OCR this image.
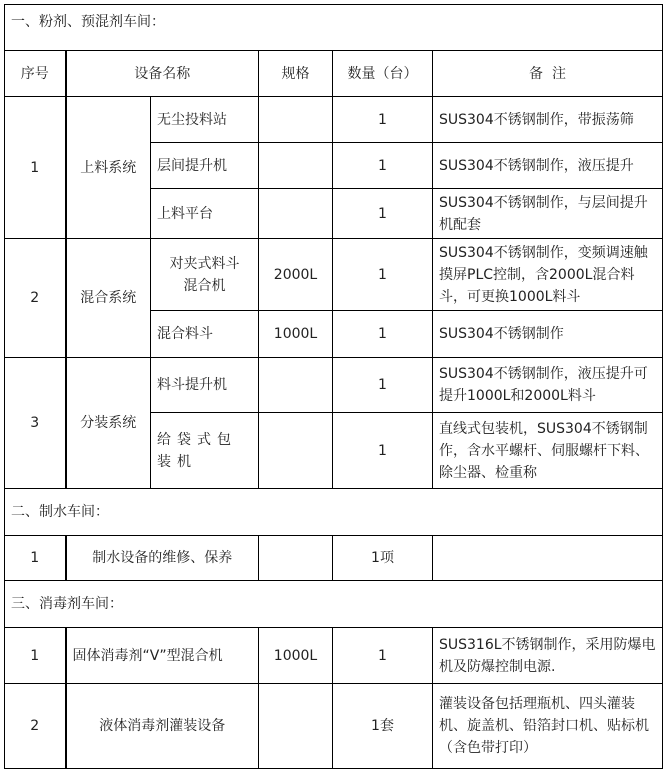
一、粉剂、预混剂车间：					
序号	设备名称		规格	数量（台）	备  注
1	上料系统	无尘投料站		1	SUS304不锈钢制作，带振荡筛
		层间提升机		1	SUS304不锈钢制作，液压提升
		上料平台		1	SUS304不锈钢制作，与层间提升机配套
2	混合系统	对夹式料斗混合机	2000L	1	SUS304不锈钢制作，变频调速触摸屏PLC控制，含2000L混合料斗，可更换1000L料斗
		混合料斗	1000L	1	SUS304不锈钢制作
3	分装系统	料斗提升机		1	SUS304不锈钢制作，液压提升可提升1000L和2000L料斗
		给袋式包装机		1	直线式包装机，SUS304不锈钢制作，含水平螺杆、伺服螺杆下料、除尘器、检重称
二、制水车间：					
1	制水设备的维修、保养			1项	
三、消毒剂车间：					
1	固体消毒剂“V”型混合机		1000L	1	SUS316L不锈钢制作，采用防爆电机及防爆控制电源.
2	液体消毒剂灌装设备			1套	灌装设备包括理瓶机、四头灌装机、旋盖机、铅箔封口机、贴标机（含色带打印）
